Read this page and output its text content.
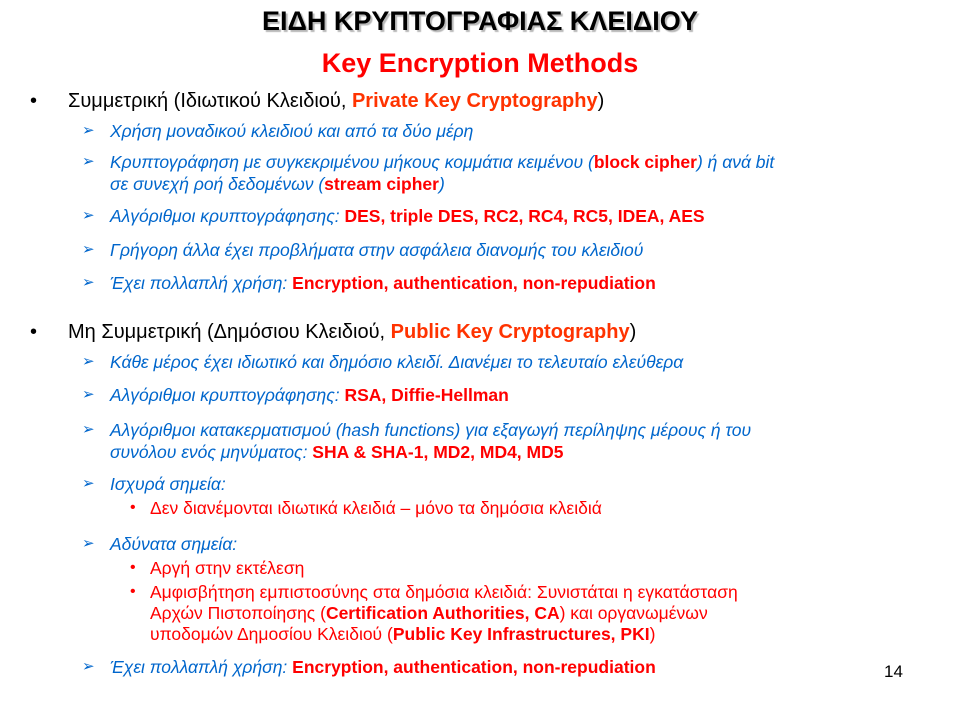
ΕΙΔΗ ΚΡΥΠΤΟΓΡΑΦΙΑΣ ΚΛΕΙΔΙΟΥ
Key Encryption Methods
• Συμμετρική (Ιδιωτικού Κλειδιού, Private Key Cryptography)
➢ Χρήση μοναδικού κλειδιού και από τα δύο μέρη
➢ Κρυπτογράφηση με συγκεκριμένου μήκους κομμάτια κειμένου (block cipher) ή ανά bit
σε συνεχή ροή δεδομένων (stream cipher)
➢ Αλγόριθμοι κρυπτογράφησης: DES, triple DES, RC2, RC4, RC5, IDEA, AES
➢ Γρήγορη άλλα έχει προβλήματα στην ασφάλεια διανομής του κλειδιού
➢ Έχει πολλαπλή χρήση: Encryption, authentication, non-repudiation
• Μη Συμμετρική (Δημόσιου Κλειδιού, Public Key Cryptography)
➢ Κάθε μέρος έχει ιδιωτικό και δημόσιο κλειδί. Διανέμει το τελευταίο ελεύθερα
➢ Αλγόριθμοι κρυπτογράφησης: RSA, Diffie-Hellman
➢ Αλγόριθμοι κατακερματισμού (hash functions) για εξαγωγή περίληψης μέρους ή του
συνόλου ενός μηνύματος: SHA & SHA-1, MD2, MD4, MD5
➢ Ισχυρά σημεία:
• Δεν διανέμονται ιδιωτικά κλειδιά – μόνο τα δημόσια κλειδιά
➢ Αδύνατα σημεία:
• Αργή στην εκτέλεση
• Αμφισβήτηση εμπιστοσύνης στα δημόσια κλειδιά: Συνιστάται η εγκατάσταση
Αρχών Πιστοποίησης (Certification Authorities, CA) και οργανωμένων
υποδομών Δημοσίου Κλειδιού (Public Key Infrastructures, PKI)
➢ Έχει πολλαπλή χρήση: Encryption, authentication, non-repudiation	14
